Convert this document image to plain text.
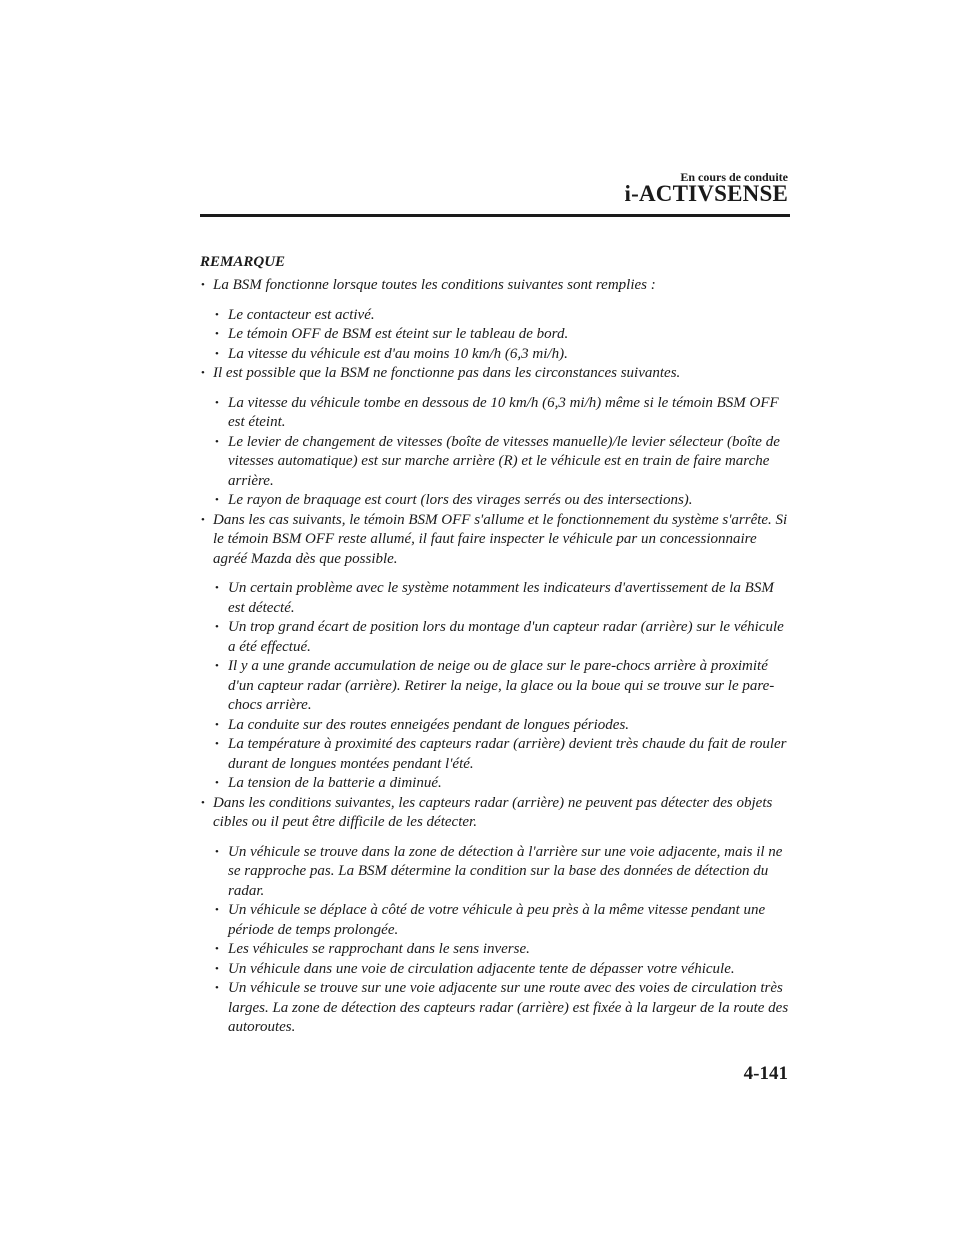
En cours de conduite
i-ACTIVSENSE
REMARQUE
• La BSM fonctionne lorsque toutes les conditions suivantes sont remplies :
• Le contacteur est activé.
• Le témoin OFF de BSM est éteint sur le tableau de bord.
• La vitesse du véhicule est d'au moins 10 km/h (6,3 mi/h).
• Il est possible que la BSM ne fonctionne pas dans les circonstances suivantes.
• La vitesse du véhicule tombe en dessous de 10 km/h (6,3 mi/h) même si le témoin BSM OFF est éteint.
• Le levier de changement de vitesses (boîte de vitesses manuelle)/le levier sélecteur (boîte de vitesses automatique) est sur marche arrière (R) et le véhicule est en train de faire marche arrière.
• Le rayon de braquage est court (lors des virages serrés ou des intersections).
• Dans les cas suivants, le témoin BSM OFF s'allume et le fonctionnement du système s'arrête. Si le témoin BSM OFF reste allumé, il faut faire inspecter le véhicule par un concessionnaire agréé Mazda dès que possible.
• Un certain problème avec le système notamment les indicateurs d'avertissement de la BSM est détecté.
• Un trop grand écart de position lors du montage d'un capteur radar (arrière) sur le véhicule a été effectué.
• Il y a une grande accumulation de neige ou de glace sur le pare-chocs arrière à proximité d'un capteur radar (arrière). Retirer la neige, la glace ou la boue qui se trouve sur le pare-chocs arrière.
• La conduite sur des routes enneigées pendant de longues périodes.
• La température à proximité des capteurs radar (arrière) devient très chaude du fait de rouler durant de longues montées pendant l'été.
• La tension de la batterie a diminué.
• Dans les conditions suivantes, les capteurs radar (arrière) ne peuvent pas détecter des objets cibles ou il peut être difficile de les détecter.
• Un véhicule se trouve dans la zone de détection à l'arrière sur une voie adjacente, mais il ne se rapproche pas. La BSM détermine la condition sur la base des données de détection du radar.
• Un véhicule se déplace à côté de votre véhicule à peu près à la même vitesse pendant une période de temps prolongée.
• Les véhicules se rapprochant dans le sens inverse.
• Un véhicule dans une voie de circulation adjacente tente de dépasser votre véhicule.
• Un véhicule se trouve sur une voie adjacente sur une route avec des voies de circulation très larges. La zone de détection des capteurs radar (arrière) est fixée à la largeur de la route des autoroutes.
4-141
